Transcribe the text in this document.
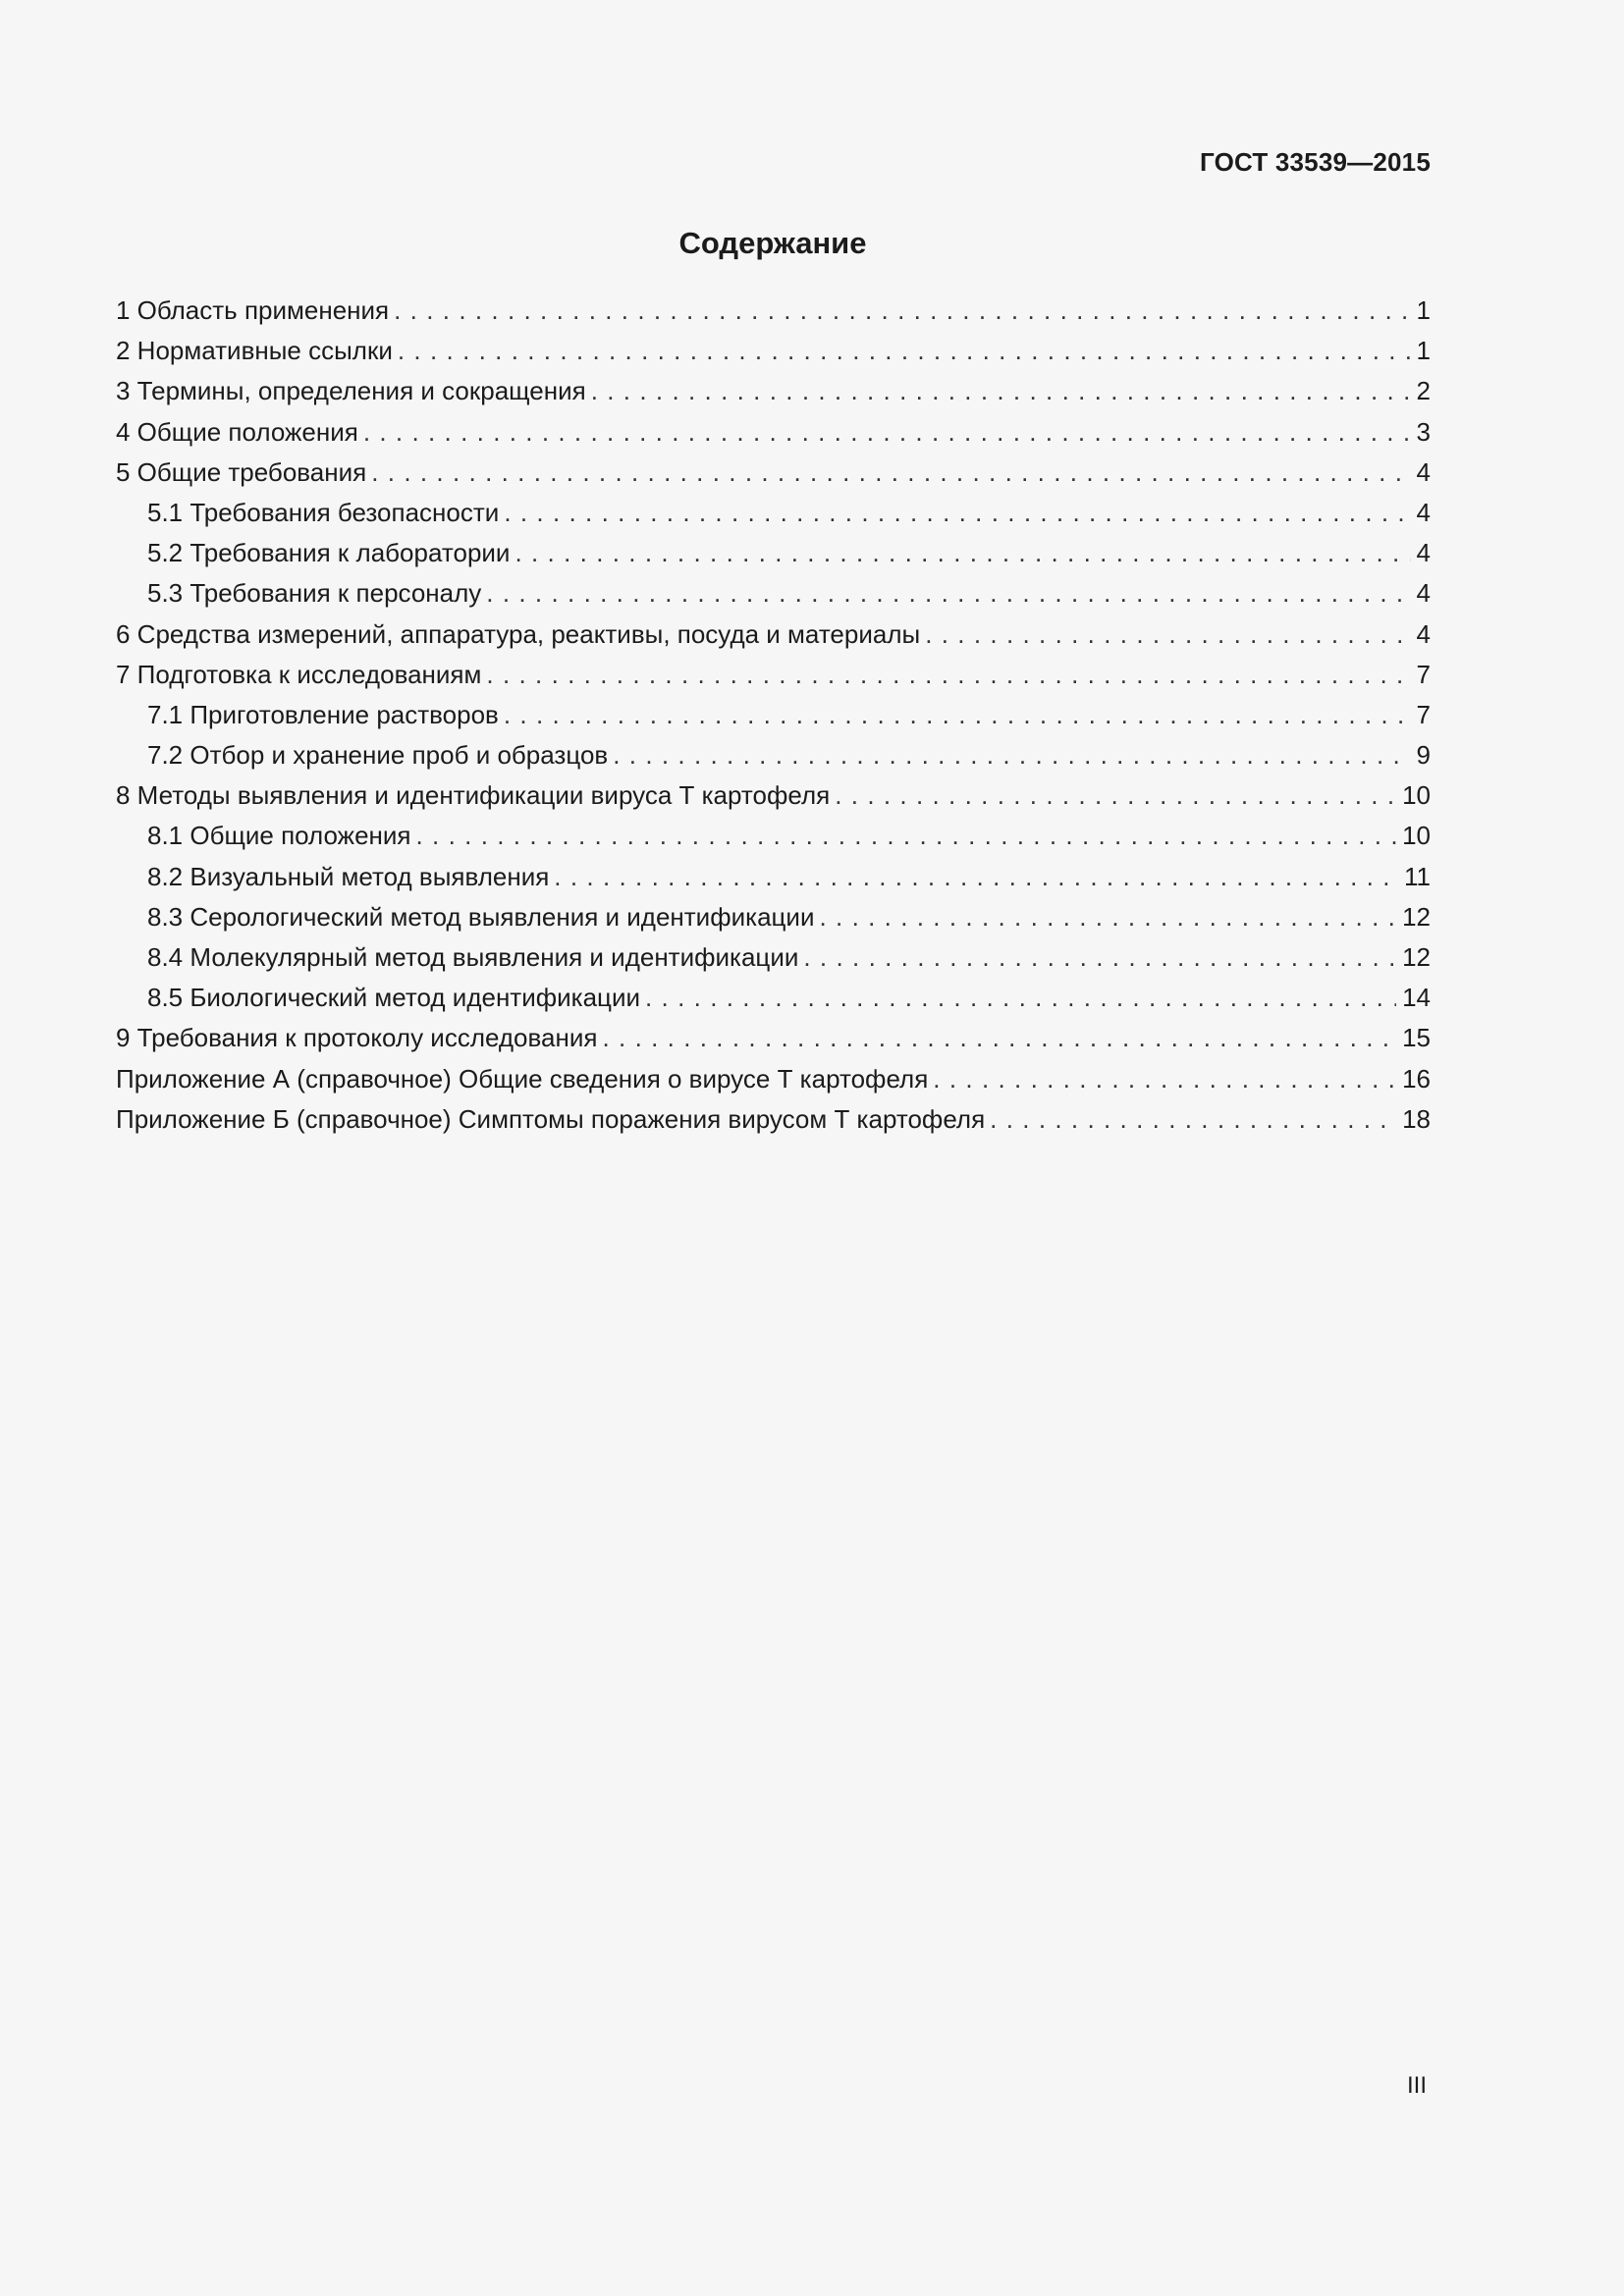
ГОСТ 33539—2015
Содержание
1 Область применения . . .	1
2 Нормативные ссылки . . .	1
3 Термины, определения и сокращения . . .	2
4 Общие положения . . .	3
5 Общие требования . . .	4
5.1 Требования безопасности . . .	4
5.2 Требования к лаборатории . . .	4
5.3 Требования к персоналу . . .	4
6 Средства измерений, аппаратура, реактивы, посуда и материалы . . .	4
7 Подготовка к исследованиям . . .	7
7.1 Приготовление растворов . . .	7
7.2 Отбор и хранение проб и образцов . . .	9
8 Методы выявления и идентификации вируса Т картофеля . . .	10
8.1 Общие положения . . .	10
8.2 Визуальный метод выявления . . .	11
8.3 Серологический метод выявления и идентификации . . .	12
8.4 Молекулярный метод выявления и идентификации . . .	12
8.5 Биологический метод идентификации . . .	14
9 Требования к протоколу исследования . . .	15
Приложение А (справочное) Общие сведения о вирусе Т картофеля . . .	16
Приложение Б (справочное) Симптомы поражения вирусом Т картофеля . . .	18
III
